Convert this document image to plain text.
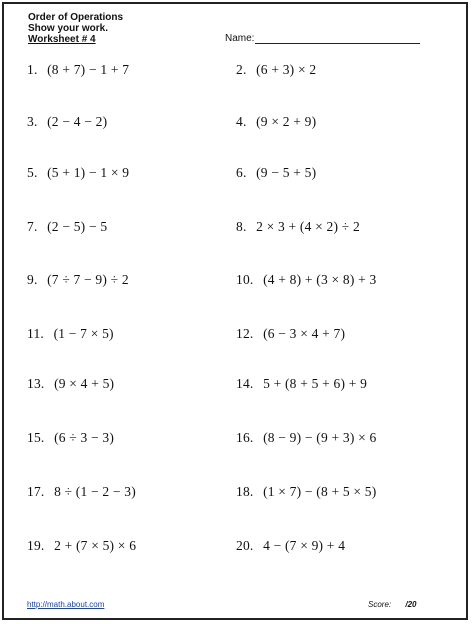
Order of Operations
Show your work.
Worksheet # 4	Name:
1. (8 + 7) − 1 + 7
3. (2 − 4 − 2)
5. (5 + 1) − 1 × 9
7. (2 − 5) − 5
9. (7 ÷ 7 − 9) ÷ 2
11. (1 − 7 × 5)
13. (9 × 4 + 5)
15. (6 ÷ 3 − 3)
17. 8 ÷ (1 − 2 − 3)
19. 2 + (7 × 5) × 6
2. (6 + 3) × 2
4. (9 × 2 + 9)
6. (9 − 5 + 5)
8. 2 × 3 + (4 × 2) ÷ 2
10. (4 + 8) + (3 × 8) + 3
12. (6 − 3 × 4 + 7)
14. 5 + (8 + 5 + 6) + 9
16. (8 − 9) − (9 + 3) × 6
18. (1 × 7) − (8 + 5 × 5)
20. 4 − (7 × 9) + 4
http://math.about.com	Score: /20
